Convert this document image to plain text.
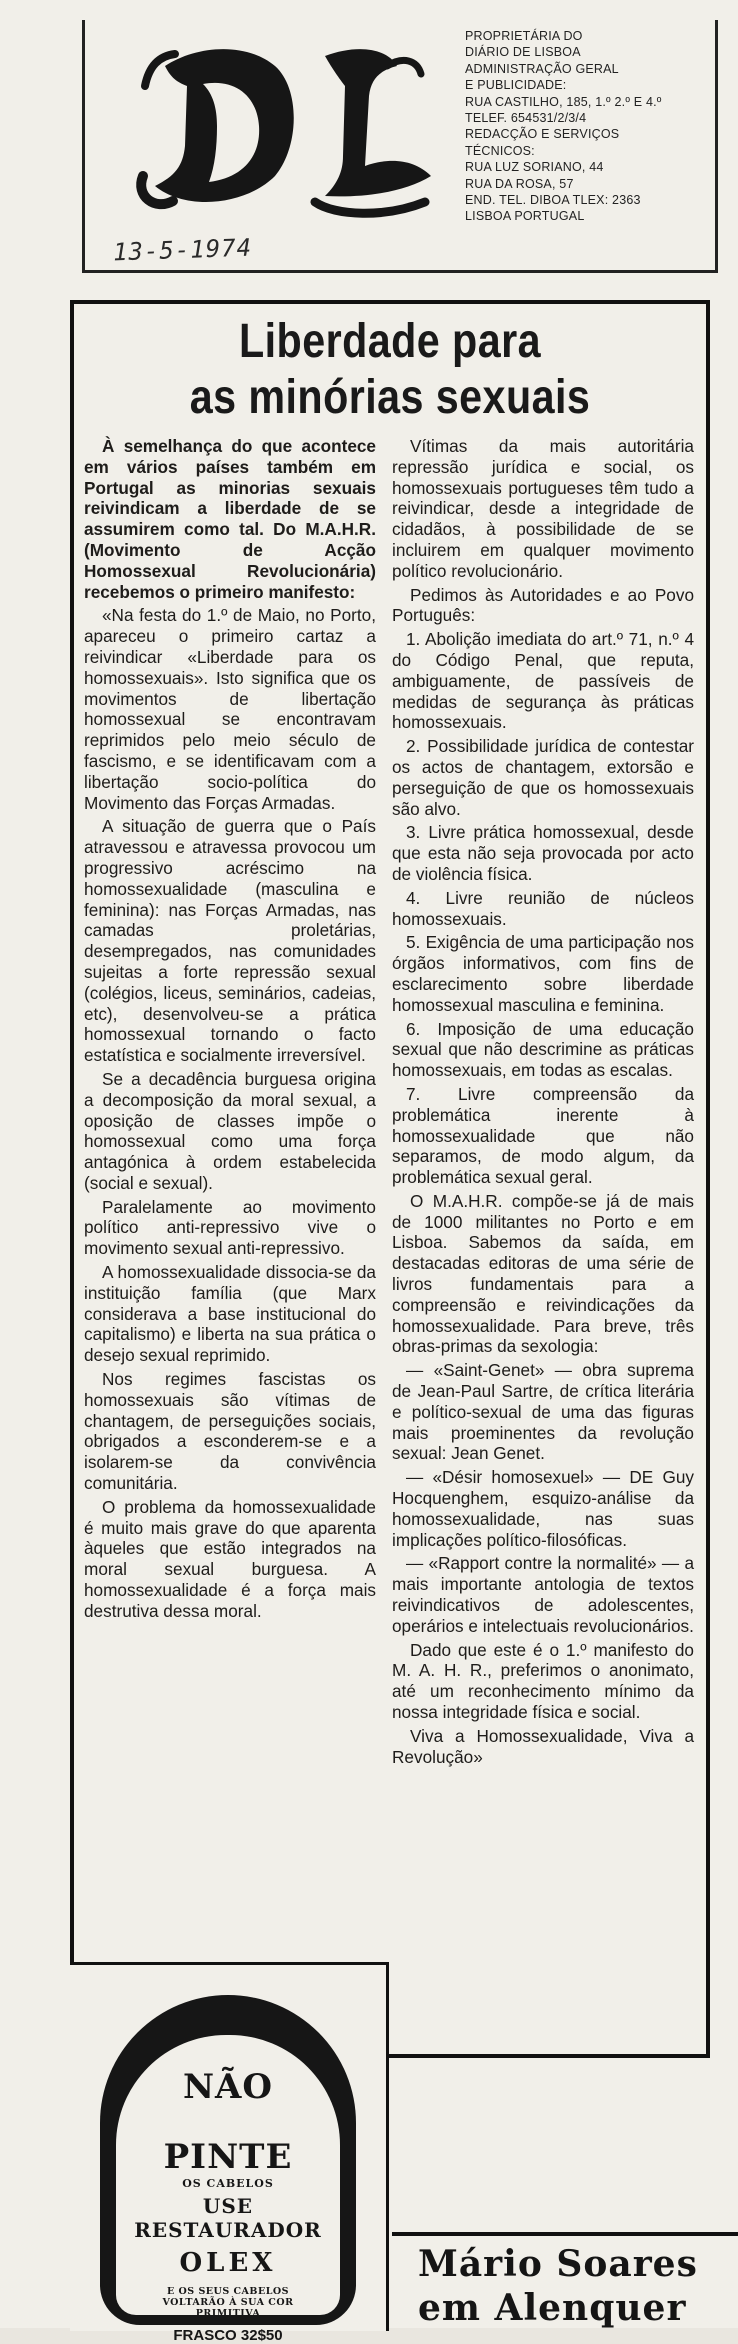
13-5-1974
PROPRIETÁRIA DO
DIÁRIO DE LISBOA
ADMINISTRAÇÃO GERAL
E PUBLICIDADE:
RUA CASTILHO, 185, 1.º 2.º E 4.º
TELEF. 654531/2/3/4
REDACÇÃO E SERVIÇOS
TÉCNICOS:
RUA LUZ SORIANO, 44
RUA DA ROSA, 57
END. TEL. DIBOA TLEX: 2363
LISBOA PORTUGAL
Liberdade para
as minórias sexuais

À semelhança do que acontece em vários países também em Portugal as minorias sexuais reivindicam a liberdade de se assumirem como tal. Do M.A.H.R. (Movimento de Acção Homossexual Revolucionária) recebemos o primeiro manifesto:

«Na festa do 1.º de Maio, no Porto, apareceu o primeiro cartaz a reivindicar «Liberdade para os homossexuais». Isto significa que os movimentos de libertação homossexual se encontravam reprimidos pelo meio século de fascismo, e se identificavam com a libertação socio-política do Movimento das Forças Armadas.

A situação de guerra que o País atravessou e atravessa provocou um progressivo acréscimo na homossexualidade (masculina e feminina): nas Forças Armadas, nas camadas proletárias, desempregados, nas comunidades sujeitas a forte repressão sexual (colégios, liceus, seminários, cadeias, etc), desenvolveu-se a prática homossexual tornando o facto estatística e socialmente irreversível.

Se a decadência burguesa origina a decomposição da moral sexual, a oposição de classes impõe o homossexual como uma força antagónica à ordem estabelecida (social e sexual).

Paralelamente ao movimento político anti-repressivo vive o movimento sexual anti-repressivo.

A homossexualidade dissocia-se da instituição família (que Marx considerava a base institucional do capitalismo) e liberta na sua prática o desejo sexual reprimido.

Nos regimes fascistas os homossexuais são vítimas de chantagem, de perseguições sociais, obrigados a esconderem-se e a isolarem-se da convivência comunitária.

O problema da homossexualidade é muito mais grave do que aparenta àqueles que estão integrados na moral sexual burguesa. A homossexualidade é a força mais destrutiva dessa moral.

Vítimas da mais autoritária repressão jurídica e social, os homossexuais portugueses têm tudo a reivindicar, desde a integridade de cidadãos, à possibilidade de se incluirem em qualquer movimento político revolucionário.

Pedimos às Autoridades e ao Povo Português:

1. Abolição imediata do art.º 71, n.º 4 do Código Penal, que reputa, ambiguamente, de passíveis de medidas de segurança às práticas homossexuais.

2. Possibilidade jurídica de contestar os actos de chantagem, extorsão e perseguição de que os homossexuais são alvo.

3. Livre prática homossexual, desde que esta não seja provocada por acto de violência física.

4. Livre reunião de núcleos homossexuais.

5. Exigência de uma participação nos órgãos informativos, com fins de esclarecimento sobre liberdade homossexual masculina e feminina.

6. Imposição de uma educação sexual que não descrimine as práticas homossexuais, em todas as escalas.

7. Livre compreensão da problemática inerente à homossexualidade que não separamos, de modo algum, da problemática sexual geral.

O M.A.H.R. compõe-se já de mais de 1000 militantes no Porto e em Lisboa. Sabemos da saída, em destacadas editoras de uma série de livros fundamentais para a compreensão e reivindicações da homossexualidade. Para breve, três obras-primas da sexologia:

— «Saint-Genet» — obra suprema de Jean-Paul Sartre, de crítica literária e político-sexual de uma das figuras mais proeminentes da revolução sexual: Jean Genet.

— «Désir homosexuel» — DE Guy Hocquenghem, esquizo-análise da homossexualidade, nas suas implicações político-filosóficas.

— «Rapport contre la normalité» — a mais importante antologia de textos reivindicativos de adolescentes, operários e intelectuais revolucionários.

Dado que este é o 1.º manifesto do M. A. H. R., preferimos o anonimato, até um reconhecimento mínimo da nossa integridade física e social.

Viva a Homossexualidade, Viva a Revolução»

NÃO
PINTE
OS CABELOS
USE RESTAURADOR
OLEX
E OS SEUS CABELOS VOLTARÃO À SUA COR PRIMITIVA
FRASCO 32$50
Mário Soares
em Alenquer
